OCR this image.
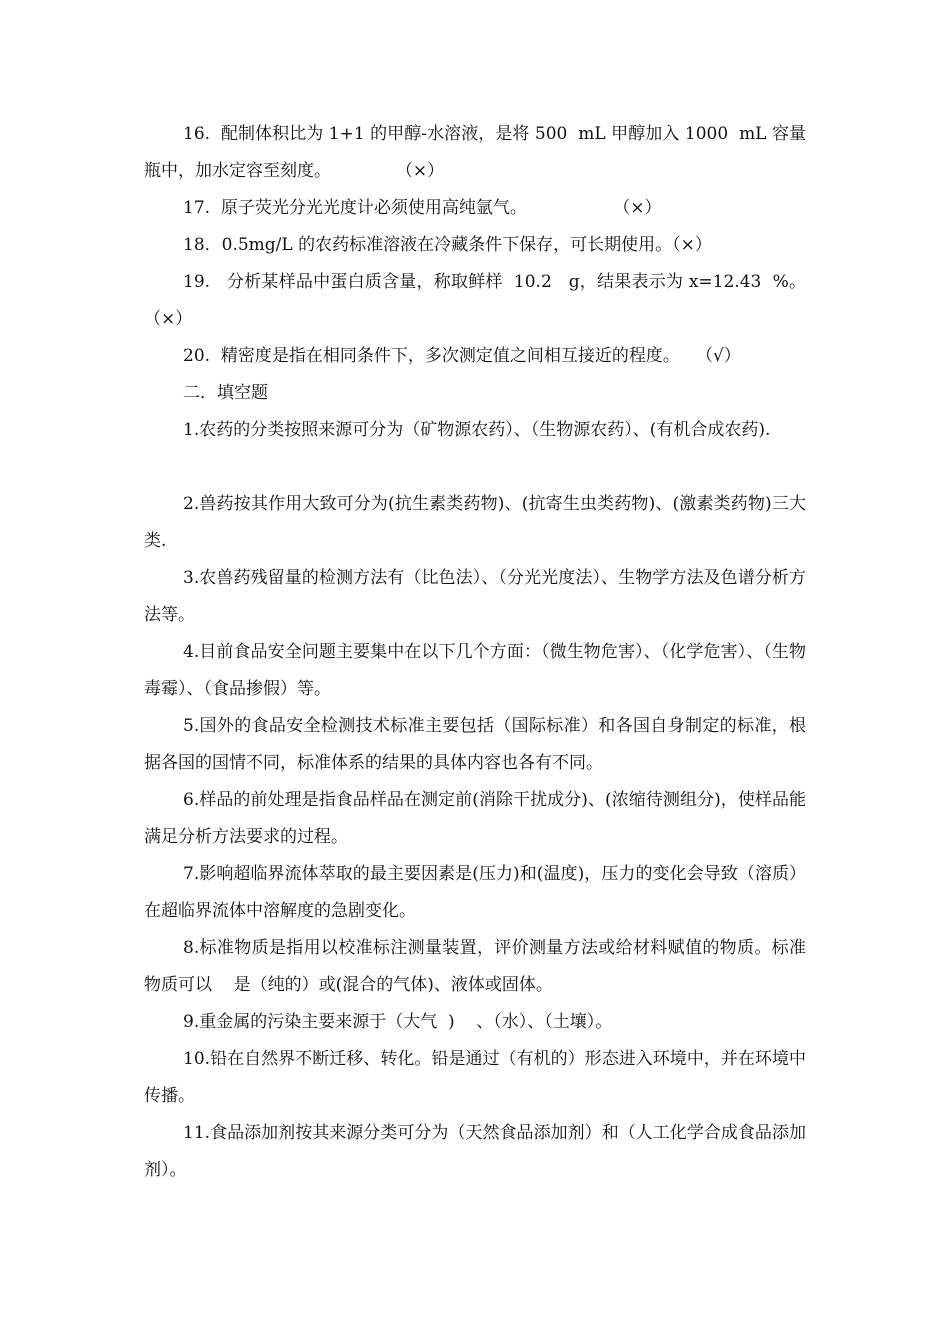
16.  配制体积比为 1+1 的甲醇-水溶液，是将 500  mL 甲醇加入 1000  mL 容量瓶中，加水定容至刻度。            （×）

17.  原子荧光分光光度计必须使用高纯氩气。                （×）

18．0.5mg/L 的农药标准溶液在冷藏条件下保存，可长期使用。（×）

19.   分析某样品中蛋白质含量，称取鲜样  10.2   g，结果表示为 x=12.43  %。   （×）

20.  精密度是指在相同条件下，多次测定值之间相互接近的程度。   （√）

二．填空题

1.农药的分类按照来源可分为（矿物源农药）、（生物源农药）、(有机合成农药).

2.兽药按其作用大致可分为(抗生素类药物)、(抗寄生虫类药物)、(激素类药物)三大类.

3.农兽药残留量的检测方法有（比色法）、（分光光度法）、生物学方法及色谱分析方法等。

4.目前食品安全问题主要集中在以下几个方面：（微生物危害）、（化学危害）、（生物毒霉）、（食品掺假）等。

5.国外的食品安全检测技术标准主要包括（国际标准）和各国自身制定的标准，根据各国的国情不同，标准体系的结果的具体内容也各有不同。

6.样品的前处理是指食品样品在测定前(消除干扰成分)、(浓缩待测组分)，使样品能满足分析方法要求的过程。

7.影响超临界流体萃取的最主要因素是(压力)和(温度)，压力的变化会导致（溶质）在超临界流体中溶解度的急剧变化。

8.标准物质是指用以校准标注测量装置，评价测量方法或给材料赋值的物质。标准物质可以    是（纯的）或(混合的气体)、液体或固体。

9.重金属的污染主要来源于（大气  )    、（水）、（土壤）。

10.铅在自然界不断迁移、转化。铅是通过（有机的）形态进入环境中，并在环境中传播。

11.食品添加剂按其来源分类可分为（天然食品添加剂）和（人工化学合成食品添加剂）。
